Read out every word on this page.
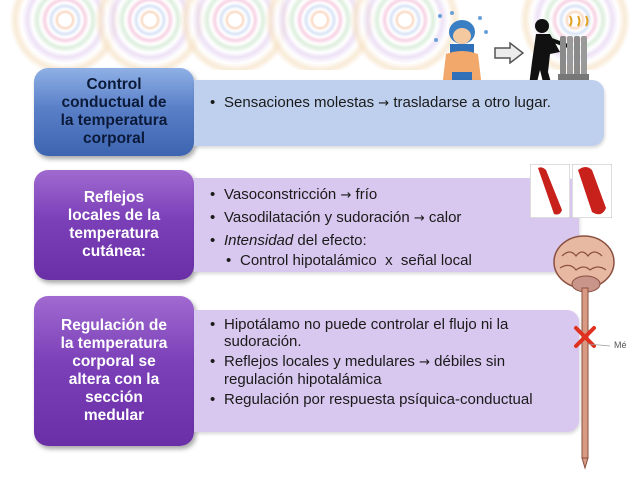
Control
conductual de
la temperatura
corporal
• Sensaciones molestas → trasladarse a otro lugar.
Reflejos
locales de la
temperatura
cutánea:
• Vasoconstricción → frío
• Vasodilatación y sudoración → calor
• Intensidad del efecto:
• Control hipotalámico  x  señal local
Regulación de
la temperatura
corporal se
altera con la
sección
medular
• Hipotálamo no puede controlar el flujo ni la sudoración.
• Reflejos locales y medulares → débiles sin regulación hipotalámica
• Regulación por respuesta psíquica-conductual
Mé
